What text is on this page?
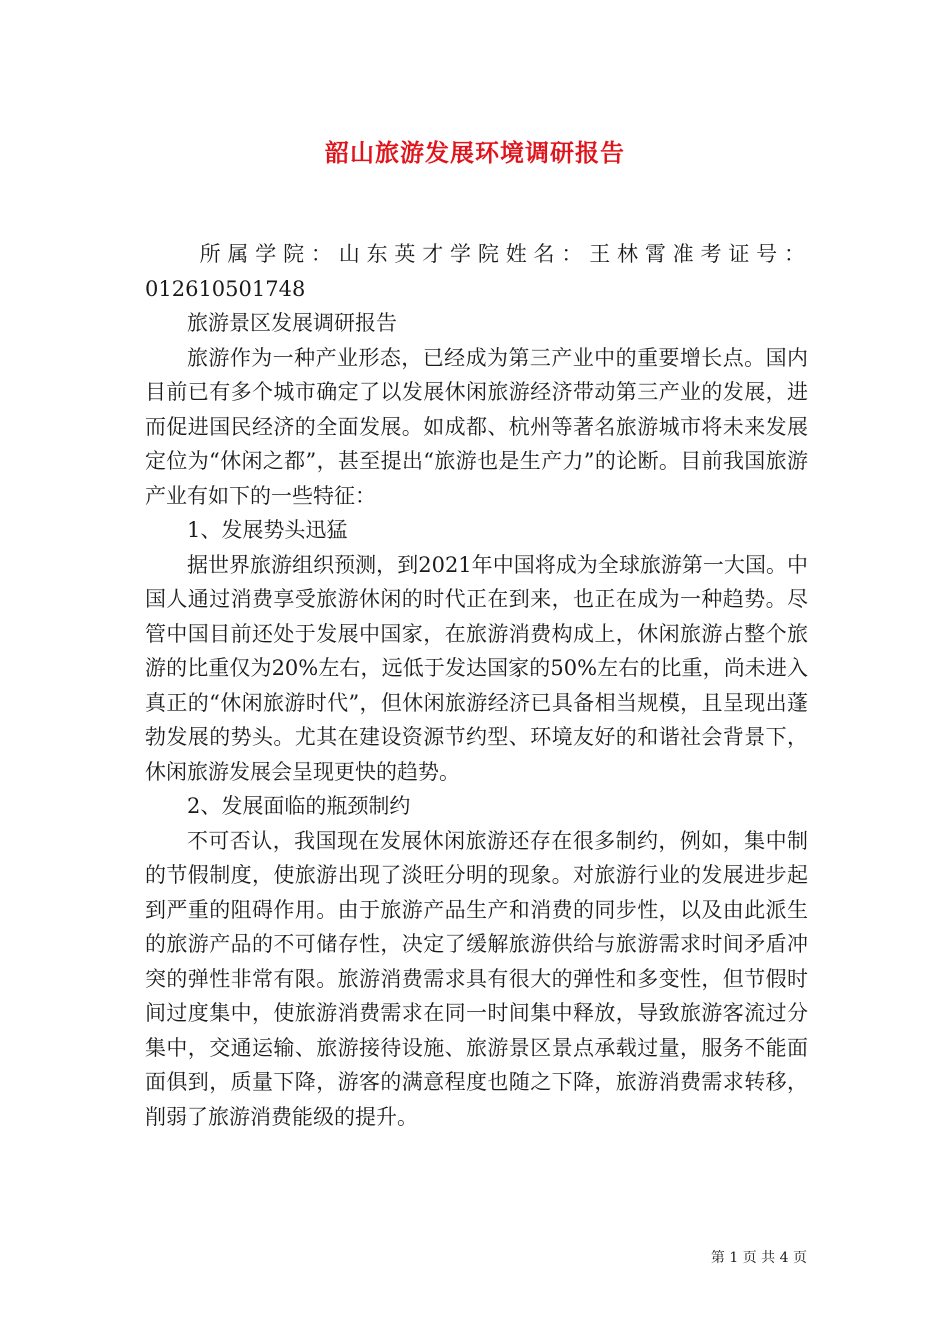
韶山旅游发展环境调研报告

所属学院：山东英才学院姓名：王林霄准考证号：012610501748

旅游景区发展调研报告

旅游作为一种产业形态，已经成为第三产业中的重要增长点。国内目前已有多个城市确定了以发展休闲旅游经济带动第三产业的发展，进而促进国民经济的全面发展。如成都、杭州等著名旅游城市将未来发展定位为“休闲之都”，甚至提出“旅游也是生产力”的论断。目前我国旅游产业有如下的一些特征：

1、发展势头迅猛

据世界旅游组织预测，到2021年中国将成为全球旅游第一大国。中国人通过消费享受旅游休闲的时代正在到来，也正在成为一种趋势。尽管中国目前还处于发展中国家，在旅游消费构成上，休闲旅游占整个旅游的比重仅为20%左右，远低于发达国家的50%左右的比重，尚未进入真正的“休闲旅游时代”，但休闲旅游经济已具备相当规模，且呈现出蓬勃发展的势头。尤其在建设资源节约型、环境友好的和谐社会背景下，休闲旅游发展会呈现更快的趋势。

2、发展面临的瓶颈制约

不可否认，我国现在发展休闲旅游还存在很多制约，例如，集中制的节假制度，使旅游出现了淡旺分明的现象。对旅游行业的发展进步起到严重的阻碍作用。由于旅游产品生产和消费的同步性，以及由此派生的旅游产品的不可储存性，决定了缓解旅游供给与旅游需求时间矛盾冲突的弹性非常有限。旅游消费需求具有很大的弹性和多变性，但节假时间过度集中，使旅游消费需求在同一时间集中释放，导致旅游客流过分集中，交通运输、旅游接待设施、旅游景区景点承载过量，服务不能面面俱到，质量下降，游客的满意程度也随之下降，旅游消费需求转移，削弱了旅游消费能级的提升。

第 1 页 共 4 页
